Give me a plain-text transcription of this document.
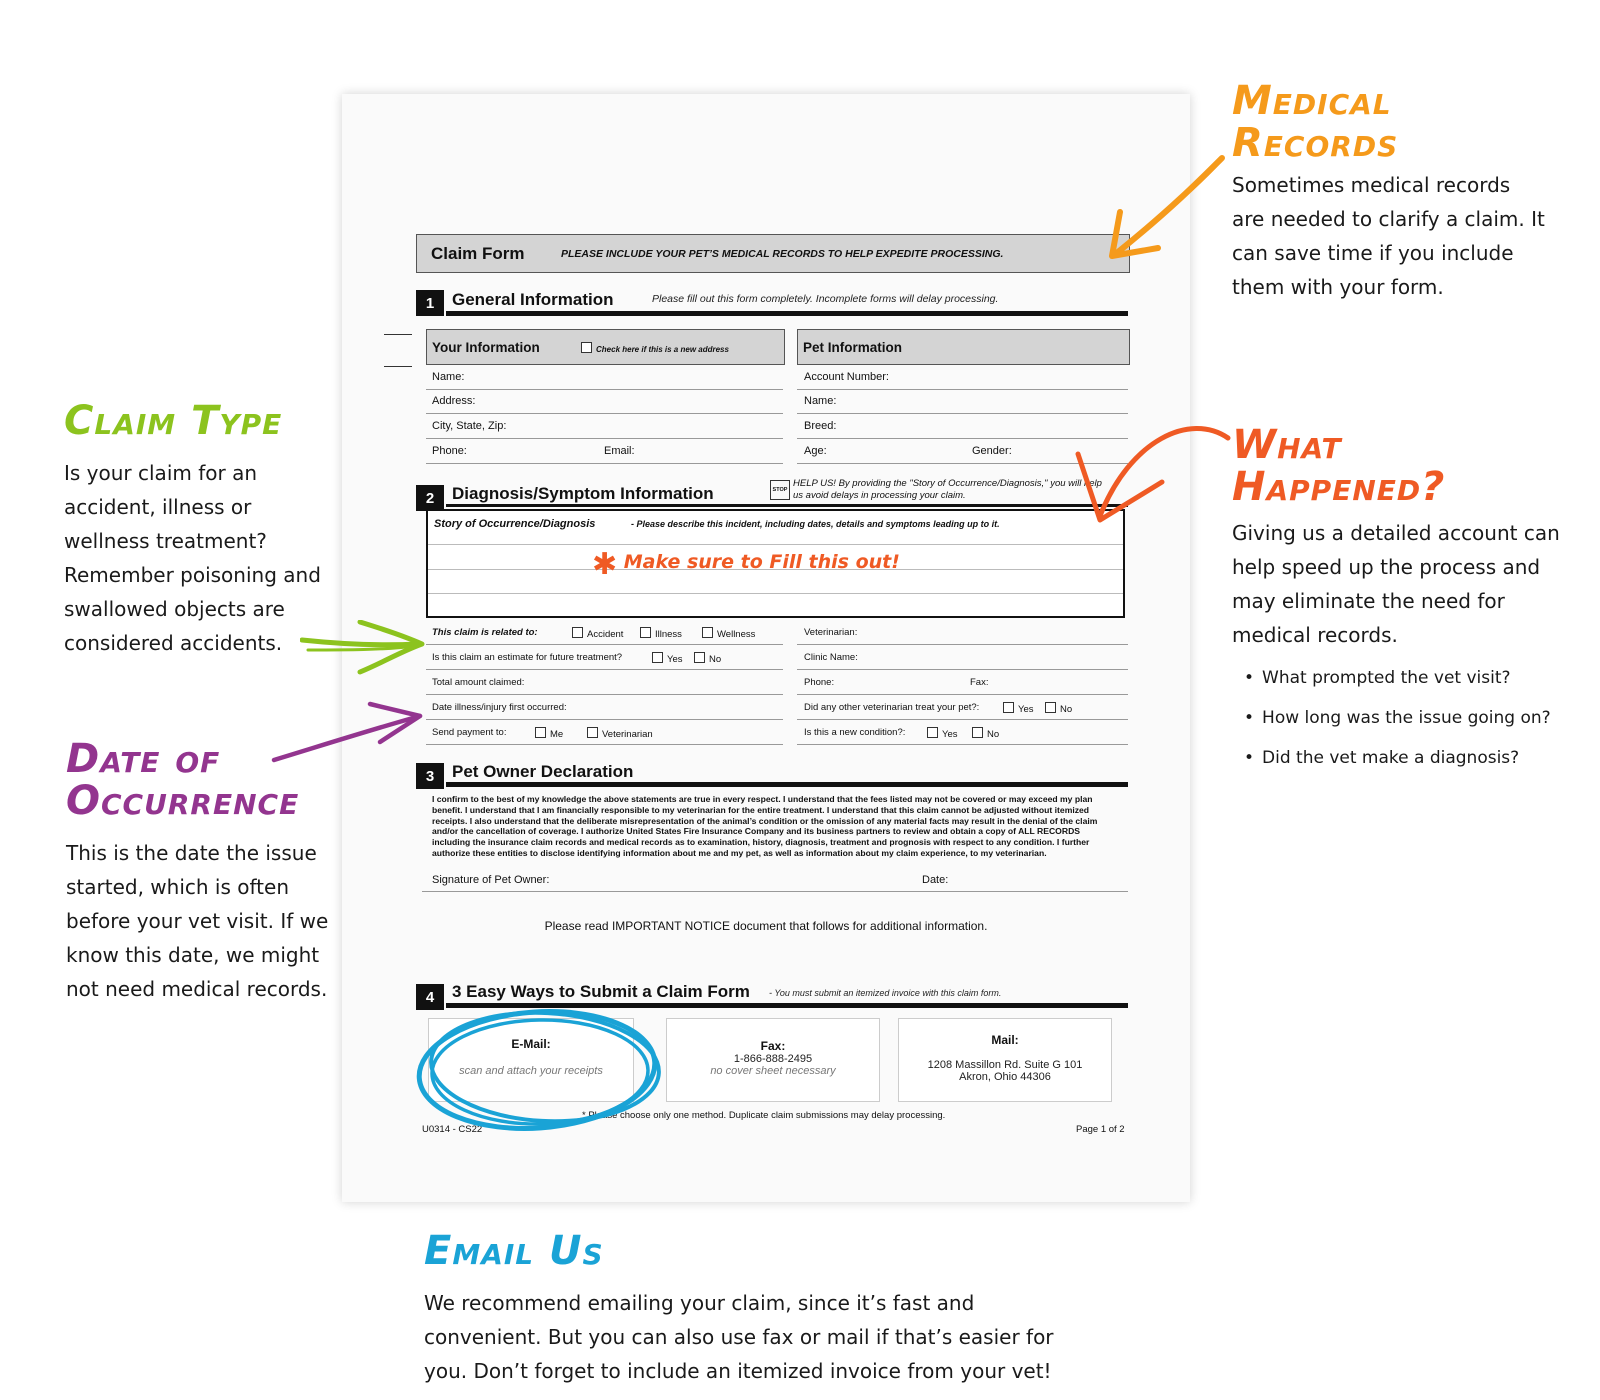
Claim Form	PLEASE INCLUDE YOUR PET’S MEDICAL RECORDS TO HELP EXPEDITE PROCESSING.
1	General Information	Please fill out this form completely. Incomplete forms will delay processing.
Your Information	Check here if this is a new address	Pet Information
Name:
Address:
City, State, Zip:
Phone:	Email:
Account Number:
Name:
Breed:
Age:	Gender:
2	Diagnosis/Symptom Information	STOP
HELP US! By providing the "Story of Occurrence/Diagnosis," you will help
us avoid delays in processing your claim.
Story of Occurrence/Diagnosis	- Please describe this incident, including dates, details and symptoms leading up to it.
✱ Make sure to Fill this out!
This claim is related to:	Accident	Illness	Wellness
Is this claim an estimate for future treatment?	Yes	No
Total amount claimed:
Date illness/injury first occurred:
Send payment to:	Me	Veterinarian
Veterinarian:
Clinic Name:
Phone:	Fax:
Did any other veterinarian treat your pet?:	Yes	No
Is this a new condition?:	Yes	No
3	Pet Owner Declaration
I confirm to the best of my knowledge the above statements are true in every respect. I understand that the fees listed may not be covered or may exceed my plan benefit. I understand that I am financially responsible to my veterinarian for the entire treatment. I understand that this claim cannot be adjusted without itemized receipts. I also understand that the deliberate misrepresentation of the animal’s condition or the omission of any material facts may result in the denial of the claim and/or the cancellation of coverage. I authorize United States Fire Insurance Company and its business partners to review and obtain a copy of ALL RECORDS including the insurance claim records and medical records as to examination, history, diagnosis, treatment and prognosis with respect to any condition. I further authorize these entities to disclose identifying information about me and my pet, as well as information about my claim experience, to my veterinarian.
Signature of Pet Owner:	Date:
Please read IMPORTANT NOTICE document that follows for additional information.
4	3 Easy Ways to Submit a Claim Form - You must submit an itemized invoice with this claim form.
E-Mail:
scan and attach your receipts
Fax:
1-866-888-2495
no cover sheet necessary
Mail:
1208 Massillon Rd. Suite G 101
Akron, Ohio 44306
* Please choose only one method. Duplicate claim submissions may delay processing.
U0314 - CS22	Page 1 of 2
Medical
Records
Sometimes medical records
are needed to clarify a claim. It
can save time if you include
them with your form.
Claim Type
Is your claim for an
accident, illness or
wellness treatment?
Remember poisoning and
swallowed objects are
considered accidents.
What
Happened?
Giving us a detailed account can
help speed up the process and
may eliminate the need for
medical records.
• What prompted the vet visit?
• How long was the issue going on?
• Did the vet make a diagnosis?
Date of
Occurrence
This is the date the issue
started, which is often
before your vet visit. If we
know this date, we might
not need medical records.
Email Us
We recommend emailing your claim, since it’s fast and
convenient. But you can also use fax or mail if that’s easier for
you. Don’t forget to include an itemized invoice from your vet!
